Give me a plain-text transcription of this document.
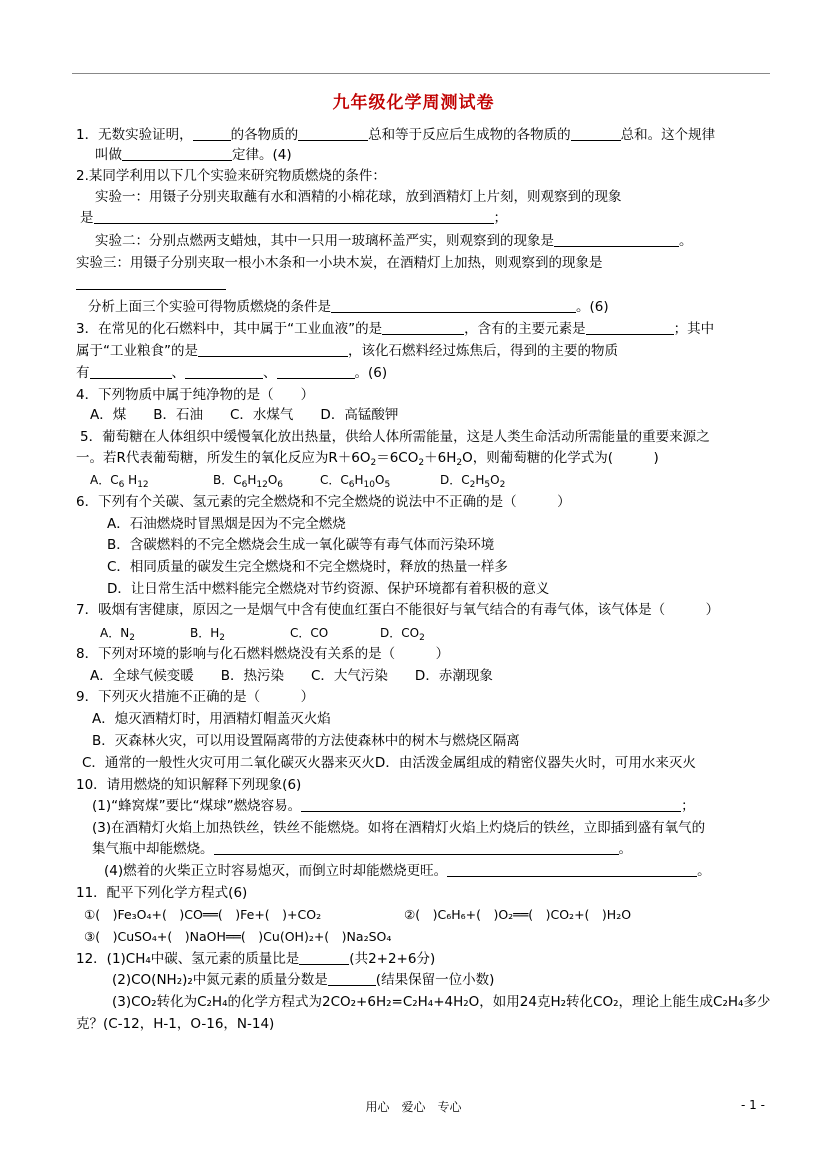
九年级化学周测试卷
1．无数实验证明，	的各物质的	总和等于反应后生成物的各物质的	总和。这个规律
叫做	定律。(4)
2.某同学利用以下几个实验来研究物质燃烧的条件：
实验一：用镊子分别夹取蘸有水和酒精的小棉花球，放到酒精灯上片刻，则观察到的现象
是	；
实验二：分别点燃两支蜡烛，其中一只用一玻璃杯盖严实，则观察到的现象是	。
实验三：用镊子分别夹取一根小木条和一小块木炭，在酒精灯上加热，则观察到的现象是
分析上面三个实验可得物质燃烧的条件是	。(6)
3．在常见的化石燃料中，其中属于“工业血液”的是	，含有的主要元素是	；其中
属于“工业粮食”的是	，该化石燃料经过炼焦后，得到的主要的物质
有	、	、	。(6)
4．下列物质中属于纯净物的是（　　）
A．煤　　B．石油　　C．水煤气　　D．高锰酸钾
5．葡萄糖在人体组织中缓慢氧化放出热量，供给人体所需能量，这是人类生命活动所需能量的重要来源之
一。若R代表葡萄糖，所发生的氧化反应为$R+6O_2=6CO_2+6H_2O$，则葡萄糖的化学式为(　　　)
A．$C_6$ $H_{12}$	B．$C_6H_{12}O_6$	C．$C_6H_{10}O_5$	D．$C_2H_5O_2$
6．下列有个关碳、氢元素的完全燃烧和不完全燃烧的说法中不正确的是（　　　）
A．石油燃烧时冒黑烟是因为不完全燃烧
B．含碳燃料的不完全燃烧会生成一氧化碳等有毒气体而污染环境
C．相同质量的碳发生完全燃烧和不完全燃烧时，释放的热量一样多
D．让日常生活中燃料能完全燃烧对节约资源、保护环境都有着积极的意义
7．吸烟有害健康，原因之一是烟气中含有使血红蛋白不能很好与氧气结合的有毒气体，该气体是（　　　）
A．$N_2$	B．$H_2$	C．CO	D．$CO_2$
8．下列对环境的影响与化石燃料燃烧没有关系的是（　　　）
A．全球气候变暖　　B．热污染　　C．大气污染　　D．赤潮现象
9．下列灭火措施不正确的是（　　　）
A．熄灭酒精灯时，用酒精灯帽盖灭火焰
B．灭森林火灾，可以用设置隔离带的方法使森林中的树木与燃烧区隔离
C．通常的一般性火灾可用二氧化碳灭火器来灭火D．由活泼金属组成的精密仪器失火时，可用水来灭火
10．请用燃烧的知识解释下列现象(6)
(1)“蜂窝煤”要比“煤球”燃烧容易。	；
(3)在酒精灯火焰上加热铁丝，铁丝不能燃烧。如将在酒精灯火焰上灼烧后的铁丝，立即插到盛有氧气的
集气瓶中却能燃烧。	。
(4)燃着的火柴正立时容易熄灭，而倒立时却能燃烧更旺。	。
11．配平下列化学方程式(6)
①(　)Fe₃O₄+(　)CO══(　)Fe+(　)+CO₂	②(　)C₆H₆+(　)O₂══(　)CO₂+(　)H₂O
③(　)CuSO₄+(　)NaOH══(　)Cu(OH)₂+(　)Na₂SO₄
12．(1)CH₄中碳、氢元素的质量比是	(共2+2+6分)
(2)CO(NH₂)₂中氮元素的质量分数是	(结果保留一位小数)
(3)CO₂转化为C₂H₄的化学方程式为2CO₂+6H₂=C₂H₄+4H₂O，如用24克H₂转化CO₂，理论上能生成C₂H₄多少
克？(C-12，H-1，O-16，N-14)
用心　爱心　专心	- 1 -
